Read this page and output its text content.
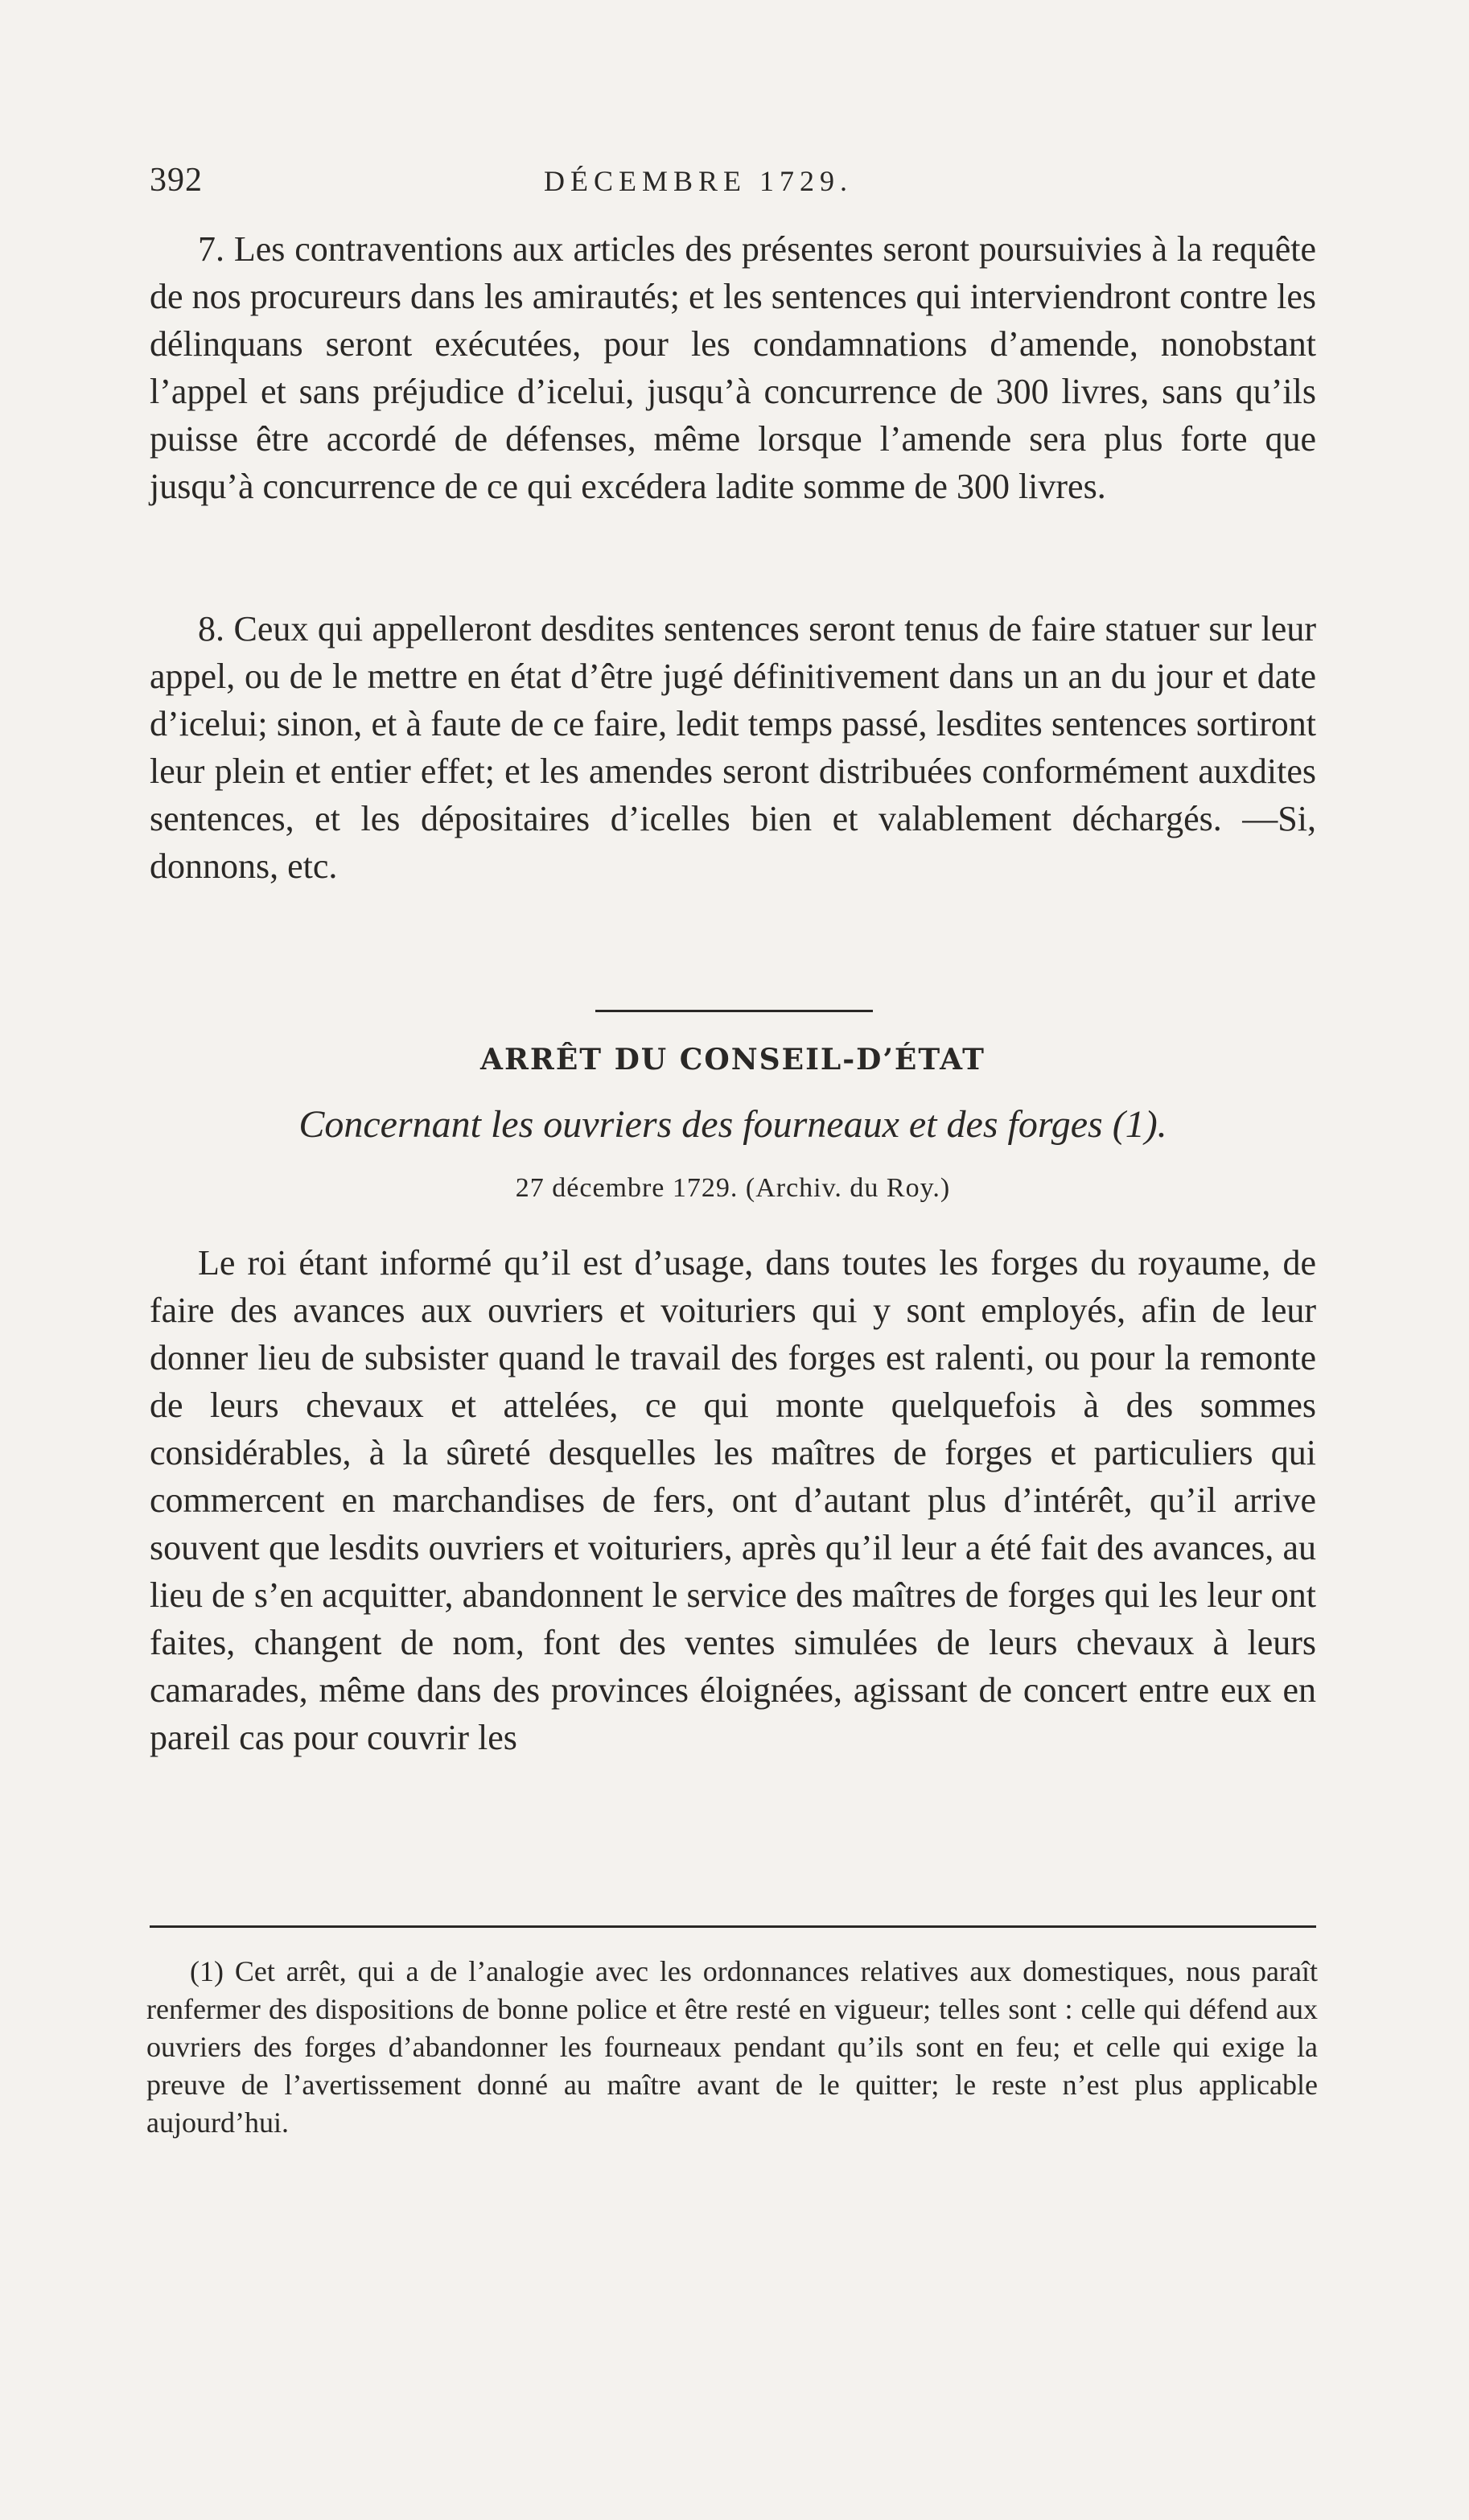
392	DÉCEMBRE 1729.

7. Les contraventions aux articles des présentes seront poursuivies à la requête de nos procureurs dans les amirautés; et les sentences qui interviendront contre les délinquans seront exécutées, pour les condamnations d’amende, nonobstant l’appel et sans préjudice d’icelui, jusqu’à concurrence de 300 livres, sans qu’ils puisse être accordé de défenses, même lorsque l’amende sera plus forte que jusqu’à concurrence de ce qui excédera ladite somme de 300 livres.

8. Ceux qui appelleront desdites sentences seront tenus de faire statuer sur leur appel, ou de le mettre en état d’être jugé définitivement dans un an du jour et date d’icelui; sinon, et à faute de ce faire, ledit temps passé, lesdites sentences sortiront leur plein et entier effet; et les amendes seront distribuées conformément auxdites sentences, et les dépositaires d’icelles bien et valablement déchargés. —Si, donnons, etc.

ARRÊT DU CONSEIL-D’ÉTAT
Concernant les ouvriers des fourneaux et des forges (1).
27 décembre 1729. (Archiv. du Roy.)

Le roi étant informé qu’il est d’usage, dans toutes les forges du royaume, de faire des avances aux ouvriers et voituriers qui y sont employés, afin de leur donner lieu de subsister quand le travail des forges est ralenti, ou pour la remonte de leurs chevaux et attelées, ce qui monte quelquefois à des sommes considérables, à la sûreté desquelles les maîtres de forges et particuliers qui commercent en marchandises de fers, ont d’autant plus d’intérêt, qu’il arrive souvent que lesdits ouvriers et voituriers, après qu’il leur a été fait des avances, au lieu de s’en acquitter, abandonnent le service des maîtres de forges qui les leur ont faites, changent de nom, font des ventes simulées de leurs chevaux à leurs camarades, même dans des provinces éloignées, agissant de concert entre eux en pareil cas pour couvrir les

(1) Cet arrêt, qui a de l’analogie avec les ordonnances relatives aux domestiques, nous paraît renfermer des dispositions de bonne police et être resté en vigueur; telles sont : celle qui défend aux ouvriers des forges d’abandonner les fourneaux pendant qu’ils sont en feu; et celle qui exige la preuve de l’avertissement donné au maître avant de le quitter; le reste n’est plus applicable aujourd’hui.
